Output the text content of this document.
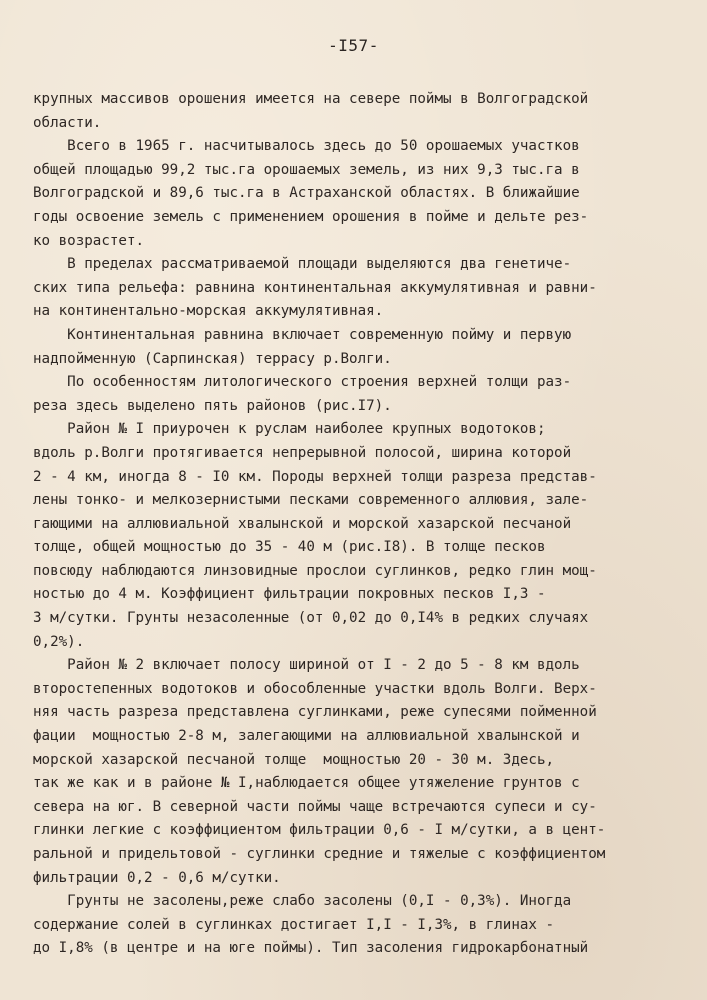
-I57-
крупных массивов орошения имеется на севере поймы в Волгоградской
области.
Всего в 1965 г. насчитывалось здесь до 50 орошаемых участков
общей площадью 99,2 тыс.га орошаемых земель, из них 9,3 тыс.га в
Волгоградской и 89,6 тыс.га в Астраханской областях. В ближайшие
годы освоение земель с применением орошения в пойме и дельте рез-
ко возрастет.
В пределах рассматриваемой площади выделяются два генетиче-
ских типа рельефа: равнина континентальная аккумулятивная и равни-
на континентально-морская аккумулятивная.
Континентальная равнина включает современную пойму и первую
надпойменную (Сарпинская) террасу р.Волги.
По особенностям литологического строения верхней толщи раз-
реза здесь выделено пять районов (рис.I7).
Район № I приурочен к руслам наиболее крупных водотоков;
вдоль р.Волги протягивается непрерывной полосой, ширина которой
2 - 4 км, иногда 8 - I0 км. Породы верхней толщи разреза представ-
лены тонко- и мелкозернистыми песками современного аллювия, зале-
гающими на аллювиальной хвалынской и морской хазарской песчаной
толще, общей мощностью до 35 - 40 м (рис.I8). В толще песков
повсюду наблюдаются линзовидные прослои суглинков, редко глин мощ-
ностью до 4 м. Коэффициент фильтрации покровных песков I,3 -
3 м/сутки. Грунты незасоленные (от 0,02 до 0,I4% в редких случаях
0,2%).
Район № 2 включает полосу шириной от I - 2 до 5 - 8 км вдоль
второстепенных водотоков и обособленные участки вдоль Волги. Верх-
няя часть разреза представлена суглинками, реже супесями пойменной
фации  мощностью 2-8 м, залегающими на аллювиальной хвалынской и
морской хазарской песчаной толще  мощностью 20 - 30 м. Здесь,
так же как и в районе № I,наблюдается общее утяжеление грунтов с
севера на юг. В северной части поймы чаще встречаются супеси и су-
глинки легкие с коэффициентом фильтрации 0,6 - I м/сутки, а в цент-
ральной и придельтовой - суглинки средние и тяжелые с коэффициентом
фильтрации 0,2 - 0,6 м/сутки.
Грунты не засолены,реже слабо засолены (0,I - 0,3%). Иногда
содержание солей в суглинках достигает I,I - I,3%, в глинах -
до I,8% (в центре и на юге поймы). Тип засоления гидрокарбонатный
